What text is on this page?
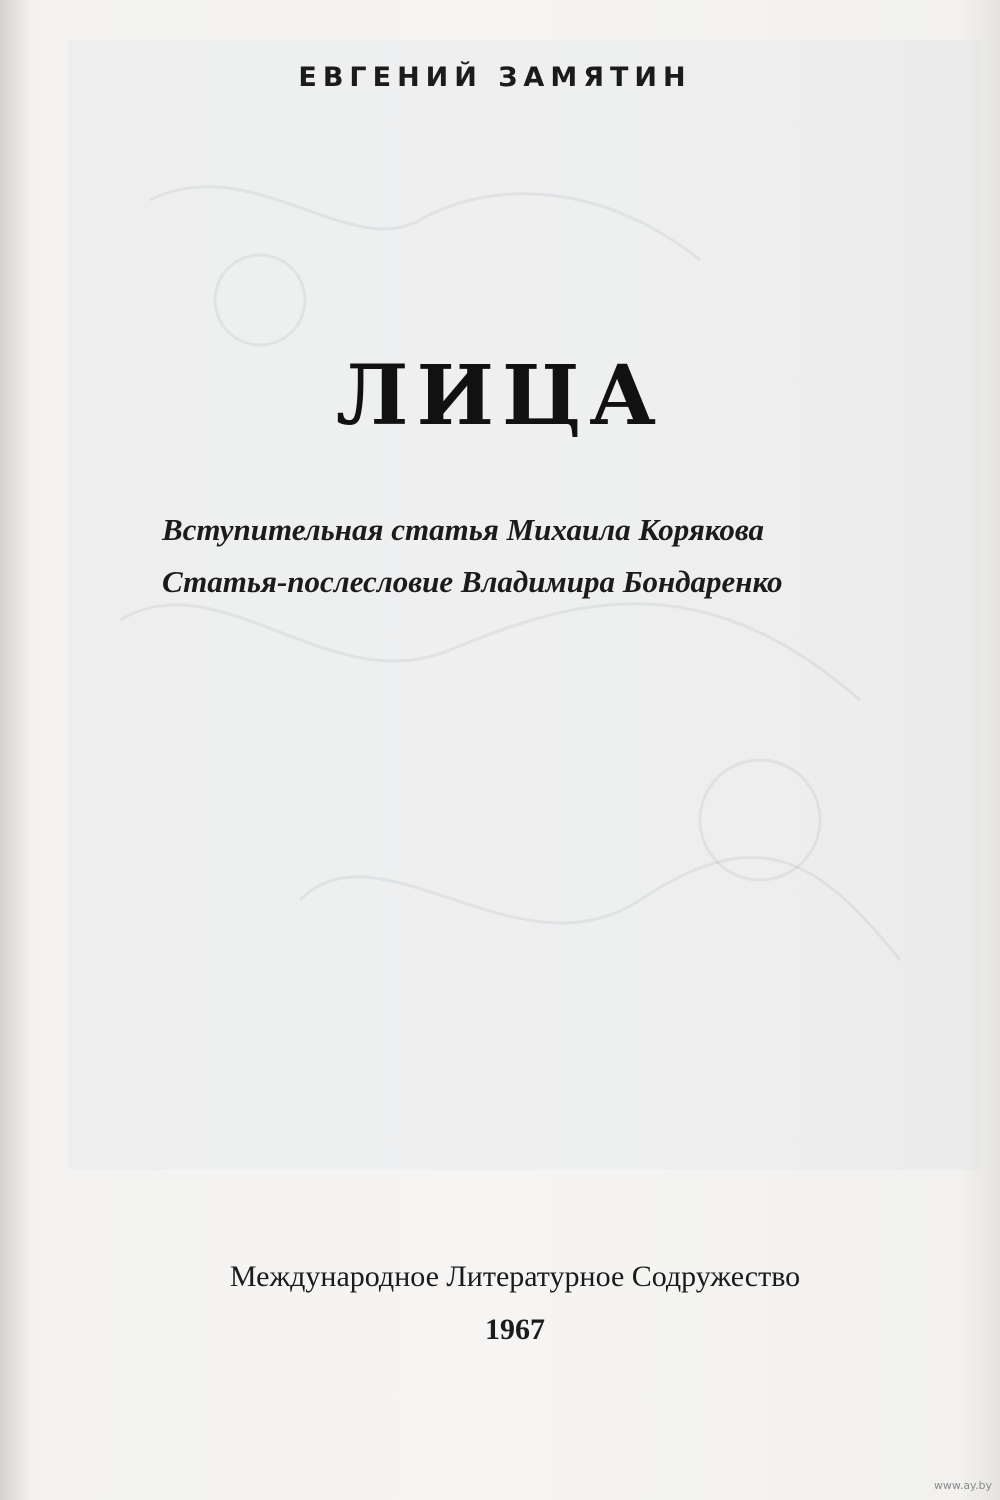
ЕВГЕНИЙ ЗАМЯТИН
ЛИЦА
Вступительная статья Михаила Корякова
Статья-послесловие Владимира Бондаренко
Международное Литературное Содружество
1967
www.ay.by
